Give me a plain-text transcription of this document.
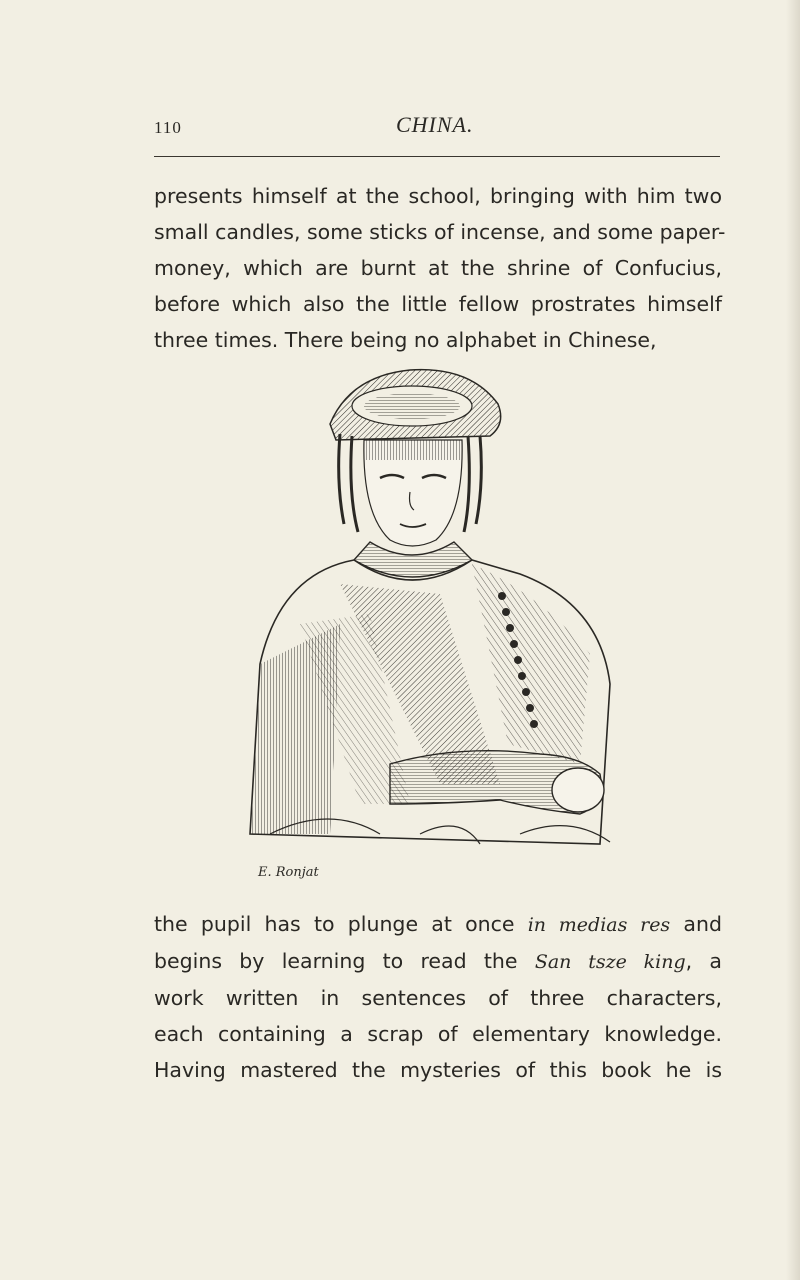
110	CHINA.

presents himself at the school, bringing with him two
small candles, some sticks of incense, and some paper-
money, which are burnt at the shrine of Confucius,
before which also the little fellow prostrates himself
three times. There being no alphabet in Chinese,

E. Ronjat

the pupil has to plunge at once in medias res and
begins by learning to read the San tsze king, a
work written in sentences of three characters,
each containing a scrap of elementary knowledge.
Having mastered the mysteries of this book he is
